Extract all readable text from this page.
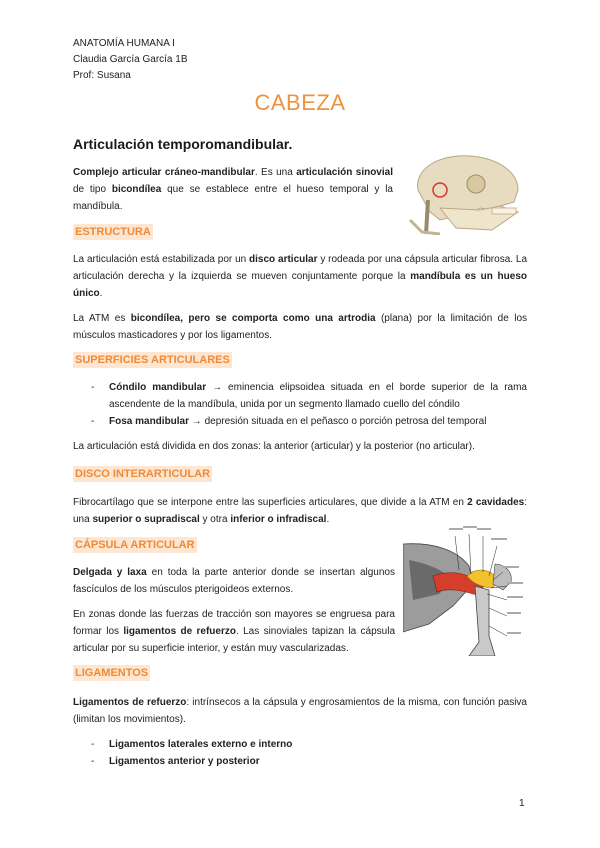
ANATOMÍA HUMANA I
Claudia García García 1B
Prof: Susana
CABEZA
Articulación temporomandibular.
Complejo articular cráneo-mandibular. Es una articulación sinovial de tipo bicondílea que se establece entre el hueso temporal y la mandíbula.
ESTRUCTURA
La articulación está estabilizada por un disco articular y rodeada por una cápsula articular fibrosa. La articulación derecha y la izquierda se mueven conjuntamente porque la mandíbula es un hueso único.
La ATM es bicondílea, pero se comporta como una artrodia (plana) por la limitación de los músculos masticadores y por los ligamentos.
SUPERFICIES ARTICULARES
- Cóndilo mandibular → eminencia elipsoidea situada en el borde superior de la rama ascendente de la mandíbula, unida por un segmento llamado cuello del cóndilo
- Fosa mandibular → depresión situada en el peñasco o porción petrosa del temporal
La articulación está dividida en dos zonas: la anterior (articular) y la posterior (no articular).
DISCO INTERARTICULAR
Fibrocartílago que se interpone entre las superficies articulares, que divide a la ATM en 2 cavidades: una superior o supradiscal y otra inferior o infradiscal.
CÁPSULA ARTICULAR
Delgada y laxa en toda la parte anterior donde se insertan algunos fascículos de los músculos pterigoideos externos.
En zonas donde las fuerzas de tracción son mayores se engruesa para formar los ligamentos de refuerzo. Las sinoviales tapizan la cápsula articular por su superficie interior, y están muy vascularizadas.
LIGAMENTOS
Ligamentos de refuerzo: intrínsecos a la cápsula y engrosamientos de la misma, con función pasiva (limitan los movimientos).
- Ligamentos laterales externo e interno
- Ligamentos anterior y posterior
1
